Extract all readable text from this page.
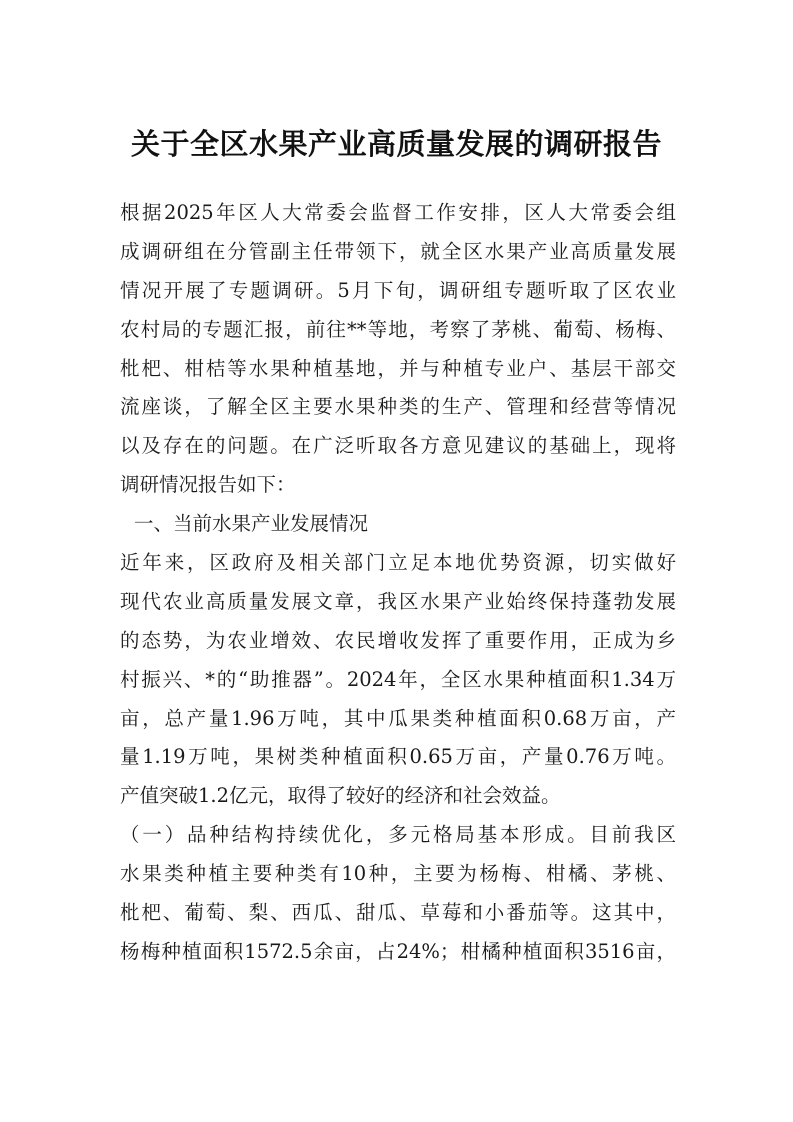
关于全区水果产业高质量发展的调研报告
根据2025年区人大常委会监督工作安排，区人大常委会组
成调研组在分管副主任带领下，就全区水果产业高质量发展
情况开展了专题调研。5月下旬，调研组专题听取了区农业
农村局的专题汇报，前往**等地，考察了茅桃、葡萄、杨梅、
枇杷、柑桔等水果种植基地，并与种植专业户、基层干部交
流座谈，了解全区主要水果种类的生产、管理和经营等情况
以及存在的问题。在广泛听取各方意见建议的基础上，现将
调研情况报告如下：
一、当前水果产业发展情况
近年来，区政府及相关部门立足本地优势资源，切实做好
现代农业高质量发展文章，我区水果产业始终保持蓬勃发展
的态势，为农业增效、农民增收发挥了重要作用，正成为乡
村振兴、*的“助推器”。2024年，全区水果种植面积1.34万
亩，总产量1.96万吨，其中瓜果类种植面积0.68万亩，产
量1.19万吨，果树类种植面积0.65万亩，产量0.76万吨。
产值突破1.2亿元，取得了较好的经济和社会效益。
（一）品种结构持续优化，多元格局基本形成。目前我区
水果类种植主要种类有10种，主要为杨梅、柑橘、茅桃、
枇杷、葡萄、梨、西瓜、甜瓜、草莓和小番茄等。这其中，
杨梅种植面积1572.5余亩，占24%；柑橘种植面积3516亩，
